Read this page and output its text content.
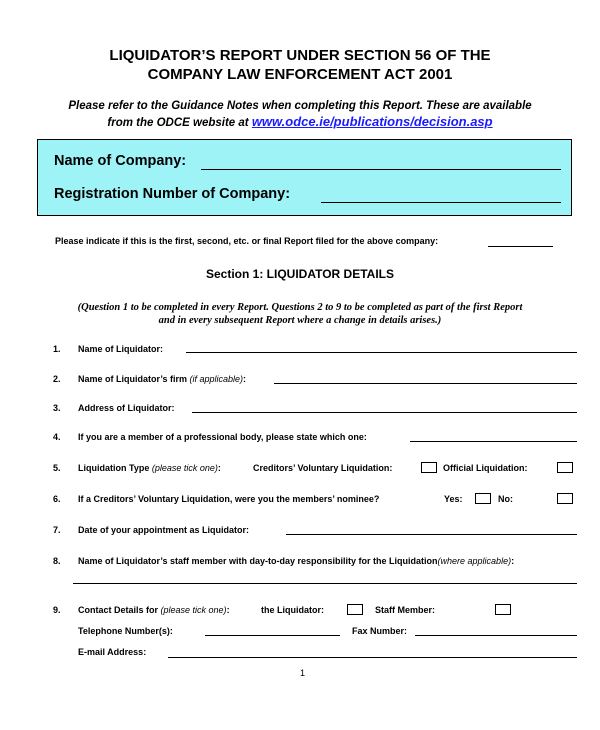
LIQUIDATOR’S REPORT UNDER SECTION 56 OF THE
COMPANY LAW ENFORCEMENT ACT 2001
Please refer to the Guidance Notes when completing this Report. These are available
from the ODCE website at www.odce.ie/publications/decision.asp
Name of Company:
Registration Number of Company:
Please indicate if this is the first, second, etc. or final Report filed for the above company:
Section 1: LIQUIDATOR DETAILS
(Question 1 to be completed in every Report. Questions 2 to 9 to be completed as part of the first Report
and in every subsequent Report where a change in details arises.)
1. Name of Liquidator:
2. Name of Liquidator’s firm (if applicable):
3. Address of Liquidator:
4. If you are a member of a professional body, please state which one:
5. Liquidation Type (please tick one):	Creditors’ Voluntary Liquidation:	Official Liquidation:
6. If a Creditors’ Voluntary Liquidation, were you the members’ nominee?	Yes:	No:
7. Date of your appointment as Liquidator:
8. Name of Liquidator’s staff member with day-to-day responsibility for the Liquidation(where applicable):
9. Contact Details for (please tick one):	the Liquidator:	Staff Member:
Telephone Number(s):	Fax Number:
E-mail Address:
1
